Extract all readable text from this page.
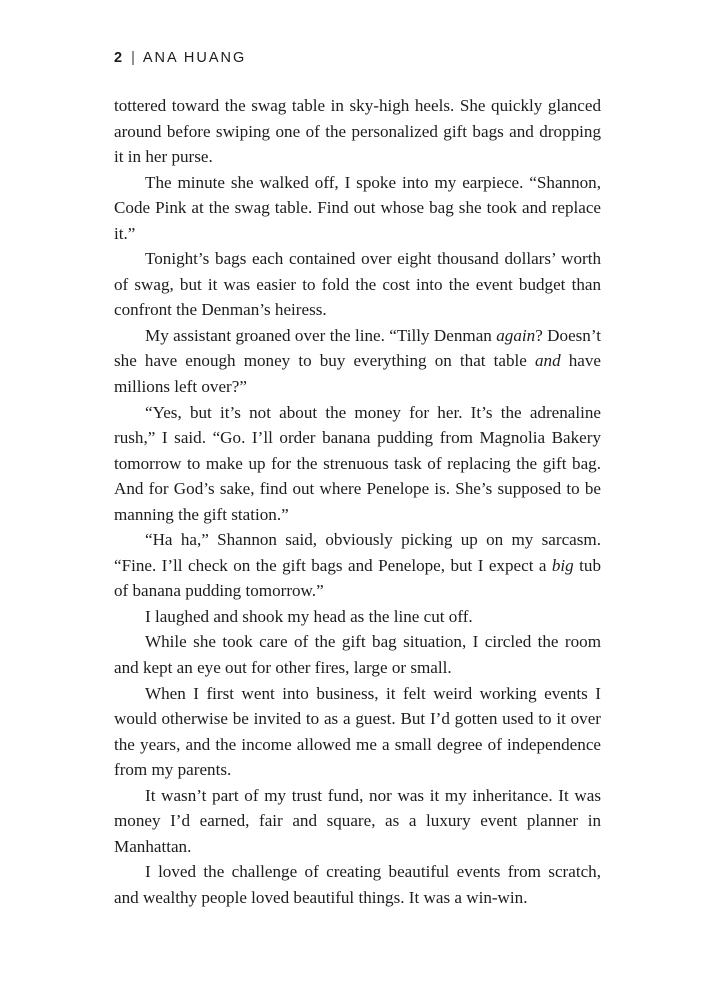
2 | ANA HUANG

tottered toward the swag table in sky-high heels. She quickly glanced around before swiping one of the personalized gift bags and dropping it in her purse.

The minute she walked off, I spoke into my earpiece. “Shannon, Code Pink at the swag table. Find out whose bag she took and replace it.”

Tonight’s bags each contained over eight thousand dollars’ worth of swag, but it was easier to fold the cost into the event budget than confront the Denman’s heiress.

My assistant groaned over the line. “Tilly Denman again? Doesn’t she have enough money to buy everything on that table and have millions left over?”

“Yes, but it’s not about the money for her. It’s the adrenaline rush,” I said. “Go. I’ll order banana pudding from Magnolia Bakery tomorrow to make up for the strenuous task of replacing the gift bag. And for God’s sake, find out where Penelope is. She’s supposed to be manning the gift station.”

“Ha ha,” Shannon said, obviously picking up on my sarcasm. “Fine. I’ll check on the gift bags and Penelope, but I expect a big tub of banana pudding tomorrow.”

I laughed and shook my head as the line cut off.

While she took care of the gift bag situation, I circled the room and kept an eye out for other fires, large or small.

When I first went into business, it felt weird working events I would otherwise be invited to as a guest. But I’d gotten used to it over the years, and the income allowed me a small degree of independence from my parents.

It wasn’t part of my trust fund, nor was it my inheritance. It was money I’d earned, fair and square, as a luxury event planner in Manhattan.

I loved the challenge of creating beautiful events from scratch, and wealthy people loved beautiful things. It was a win-win.
